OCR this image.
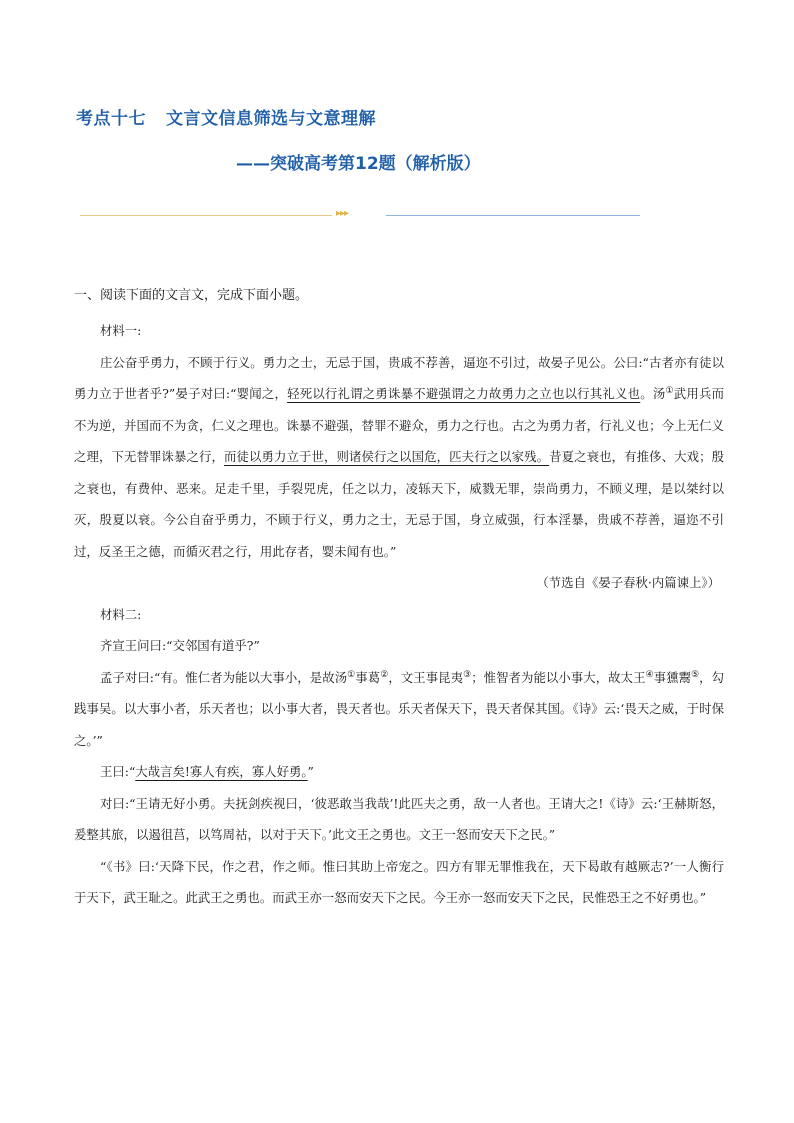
考点十七 文言文信息筛选与文意理解
——突破高考第12题（解析版）
▸▸▸
一、阅读下面的文言文，完成下面小题。

材料一:

庄公奋乎勇力，不顾于行义。勇力之士，无忌于国，贵戚不荐善，逼迩不引过，故晏子见公。公曰:“古者亦有徒以勇力立于世者乎?”晏子对曰:“婴闻之，轻死以行礼谓之勇诛暴不避强谓之力故勇力之立也以行其礼义也。汤①武用兵而不为逆，并国而不为贪，仁义之理也。诛暴不避强，替罪不避众，勇力之行也。古之为勇力者，行礼义也；今上无仁义之理，下无替罪诛暴之行，而徒以勇力立于世，则诸侯行之以国危，匹夫行之以家残。昔夏之衰也，有推侈、大戏；殷之衰也，有费仲、恶来。足走千里，手裂兕虎，任之以力，凌轹天下，威戮无罪，崇尚勇力，不顾义理，是以桀纣以灭，殷夏以衰。今公自奋乎勇力，不顾于行义，勇力之士，无忌于国，身立威强，行本淫暴，贵戚不荐善，逼迩不引过，反圣王之德，而循灭君之行，用此存者，婴未闻有也。”

（节选自《晏子春秋·内篇谏上》）

材料二:

齐宣王问曰:“交邻国有道乎?”

孟子对曰:“有。惟仁者为能以大事小，是故汤①事葛②，文王事昆夷③；惟智者为能以小事大，故太王④事獯鬻⑤，勾践事吴。以大事小者，乐天者也；以小事大者，畏天者也。乐天者保天下，畏天者保其国。《诗》云:‘畏天之威，于时保之。’”

王曰:“大哉言矣!寡人有疾，寡人好勇。”

对曰:“王请无好小勇。夫抚剑疾视曰，‘彼恶敢当我哉’!此匹夫之勇，敌一人者也。王请大之!《诗》云:‘王赫斯怒，爰整其旅，以遏徂莒，以笃周祜，以对于天下。’此文王之勇也。文王一怒而安天下之民。”

“《书》曰:‘天降下民，作之君，作之师。惟曰其助上帝宠之。四方有罪无罪惟我在，天下曷敢有越厥志?’一人衡行于天下，武王耻之。此武王之勇也。而武王亦一怒而安天下之民。今王亦一怒而安天下之民，民惟恐王之不好勇也。”
